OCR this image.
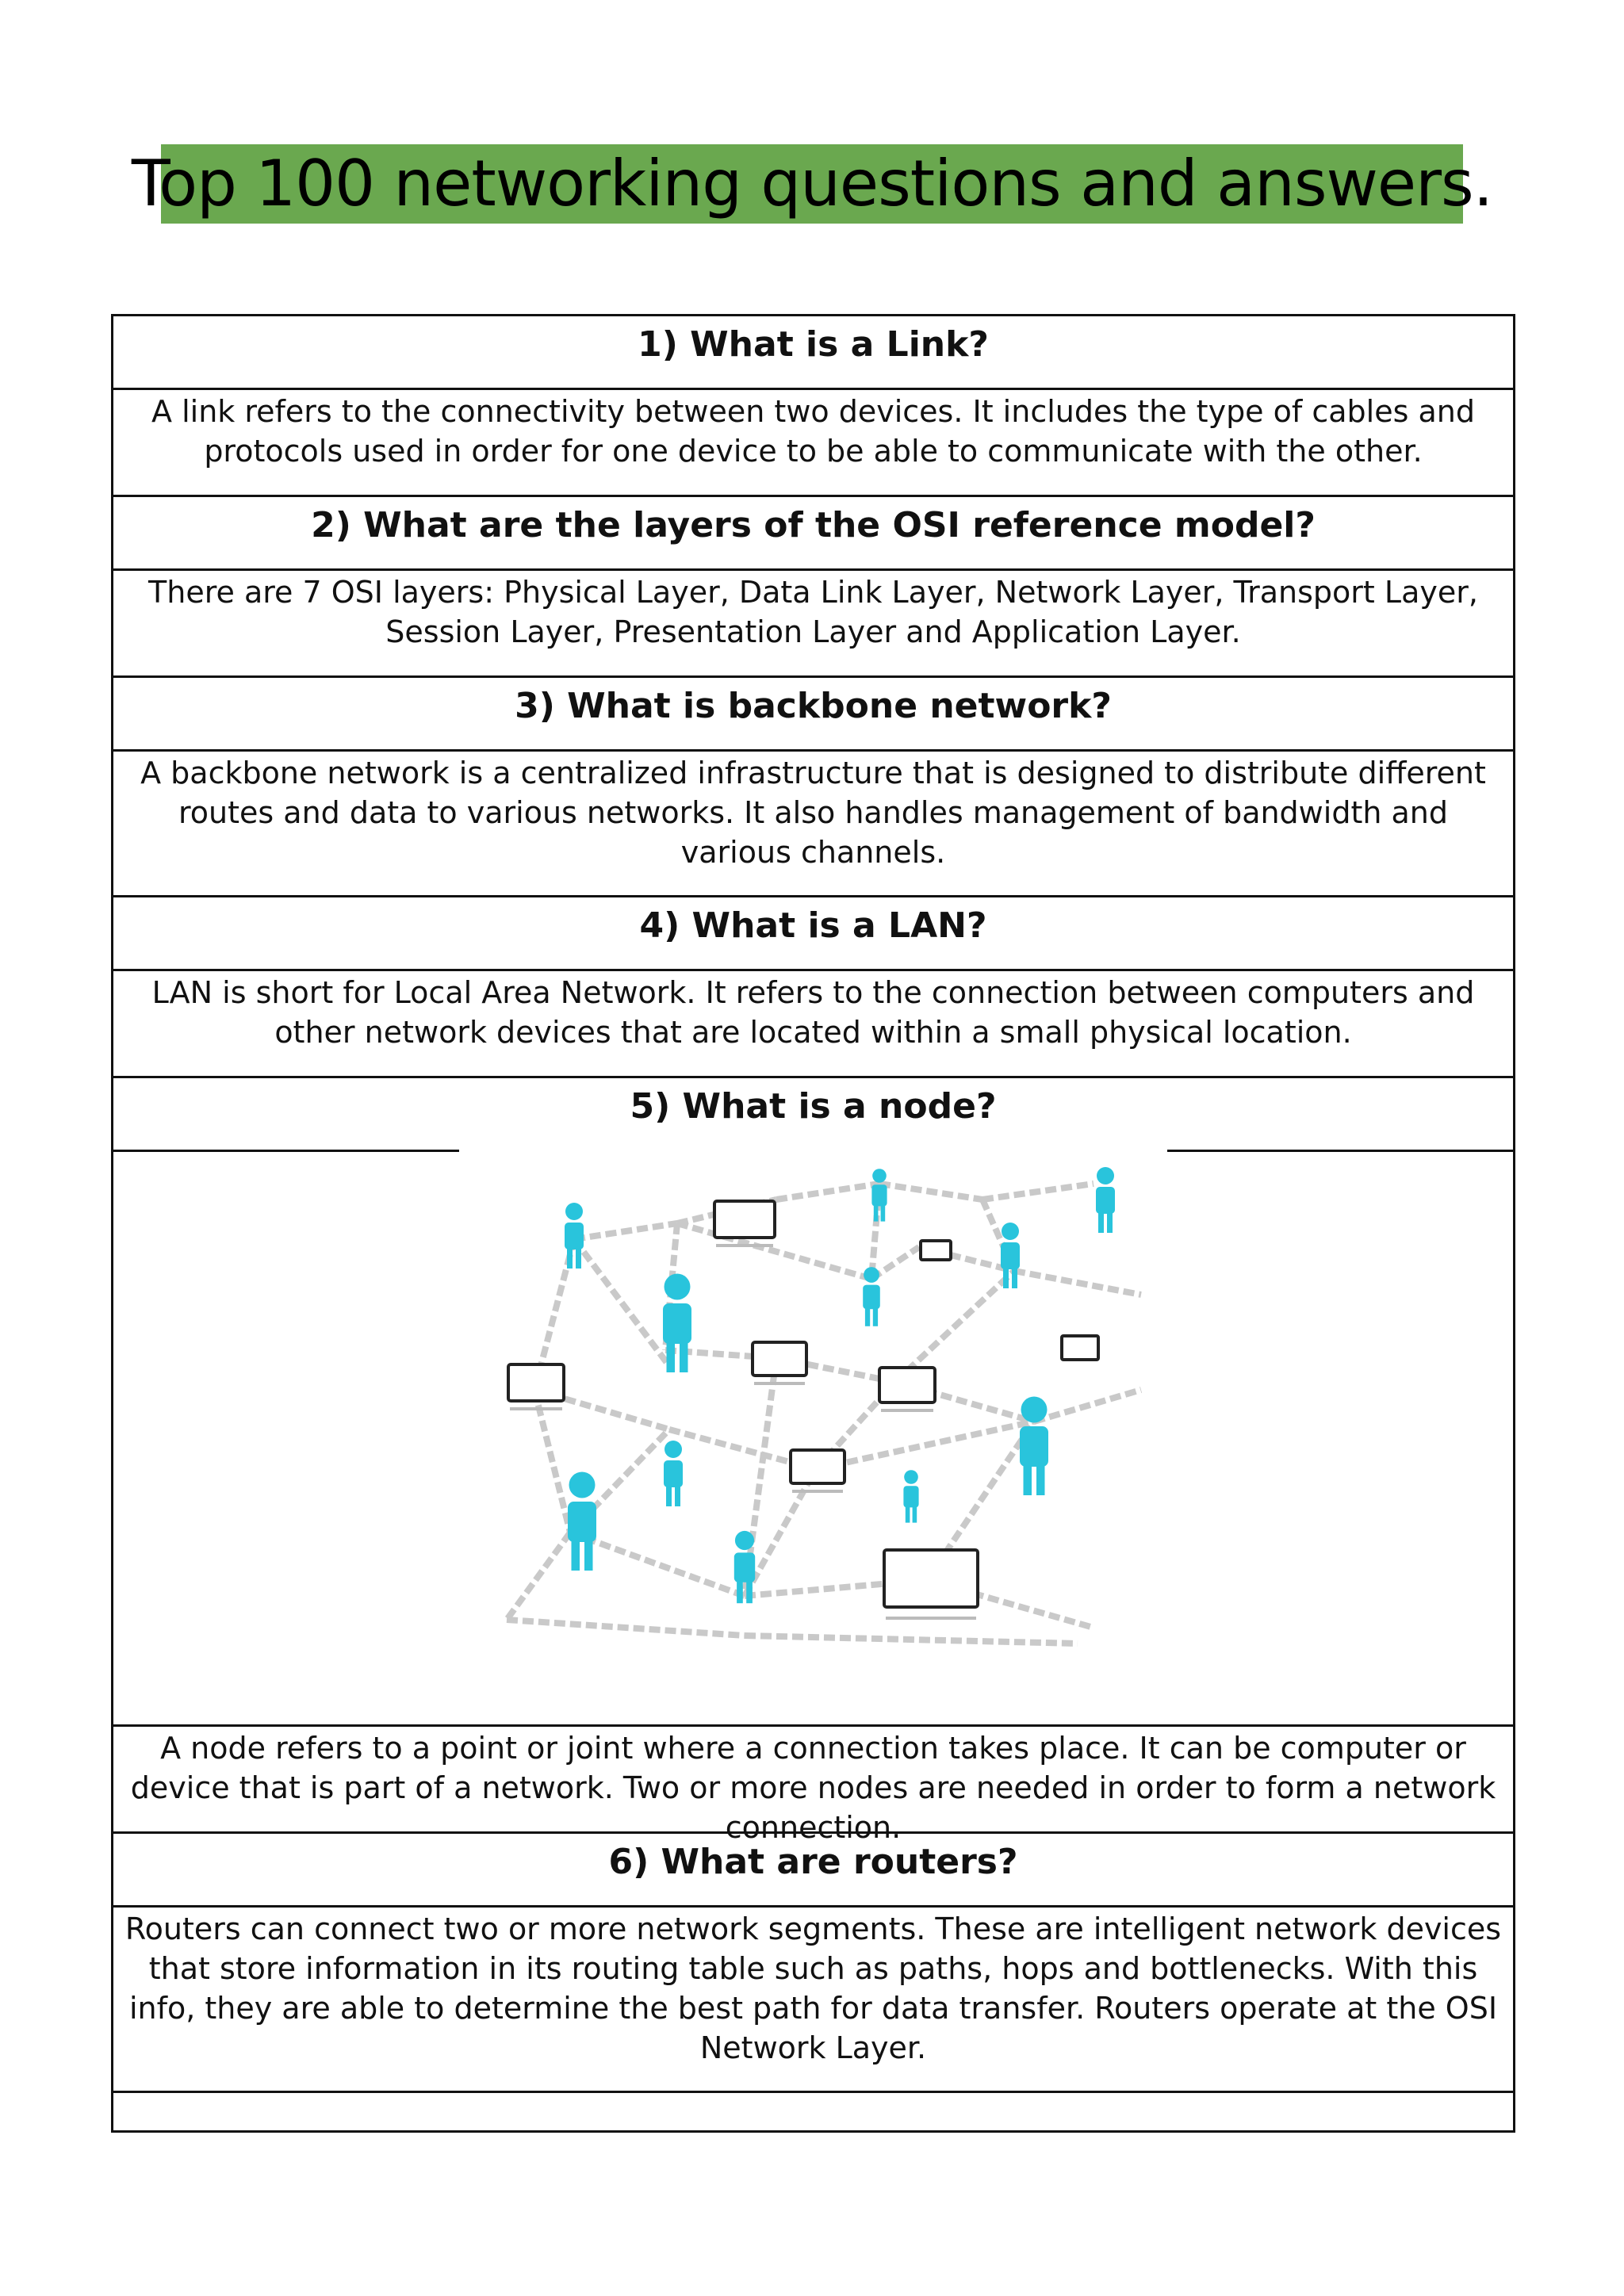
Top 100 networking questions and answers.
1) What is a Link?
A link refers to the connectivity between two devices. It includes the type of cables and protocols used in order for one device to be able to communicate with the other.
2) What are the layers of the OSI reference model?
There are 7 OSI layers: Physical Layer, Data Link Layer, Network Layer, Transport Layer, Session Layer, Presentation Layer and Application Layer.
3) What is backbone network?
A backbone network is a centralized infrastructure that is designed to distribute different routes and data to various networks. It also handles management of bandwidth and various channels.
4) What is a LAN?
LAN is short for Local Area Network. It refers to the connection between computers and other network devices that are located within a small physical location.
5) What is a node?
A node refers to a point or joint where a connection takes place. It can be computer or device that is part of a network. Two or more nodes are needed in order to form a network connection.
6) What are routers?
Routers can connect two or more network segments. These are intelligent network devices that store information in its routing table such as paths, hops and bottlenecks. With this info, they are able to determine the best path for data transfer. Routers operate at the OSI Network Layer.
